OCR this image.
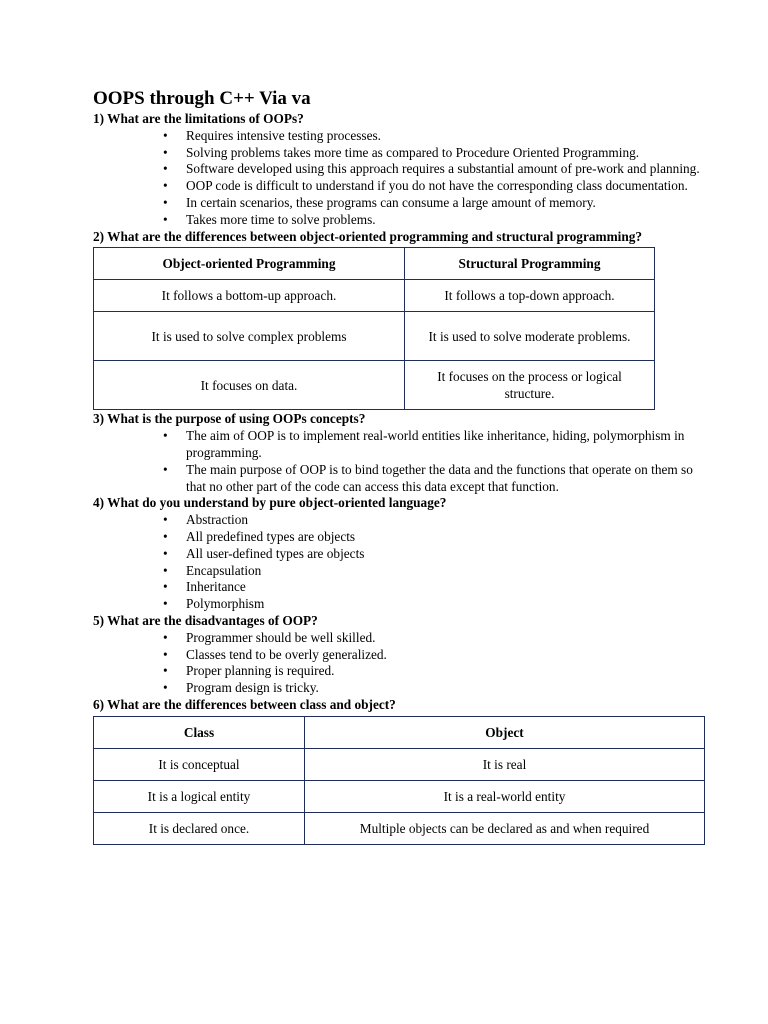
OOPS through C++ Via va

1) What are the limitations of OOPs?

• Requires intensive testing processes.
• Solving problems takes more time as compared to Procedure Oriented Programming.
• Software developed using this approach requires a substantial amount of pre-work and planning.
• OOP code is difficult to understand if you do not have the corresponding class documentation.
• In certain scenarios, these programs can consume a large amount of memory.
• Takes more time to solve problems.

2) What are the differences between object-oriented programming and structural programming?

Object-oriented Programming	Structural Programming
It follows a bottom-up approach.	It follows a top-down approach.
It is used to solve complex problems	It is used to solve moderate problems.
It focuses on data.	It focuses on the process or logical structure.

3) What is the purpose of using OOPs concepts?

• The aim of OOP is to implement real-world entities like inheritance, hiding, polymorphism in programming.
• The main purpose of OOP is to bind together the data and the functions that operate on them so that no other part of the code can access this data except that function.

4) What do you understand by pure object-oriented language?

• Abstraction
• All predefined types are objects
• All user-defined types are objects
• Encapsulation
• Inheritance
• Polymorphism

5) What are the disadvantages of OOP?

• Programmer should be well skilled.
• Classes tend to be overly generalized.
• Proper planning is required.
• Program design is tricky.

6) What are the differences between class and object?

Class	Object
It is conceptual	It is real
It is a logical entity	It is a real-world entity
It is declared once.	Multiple objects can be declared as and when required
